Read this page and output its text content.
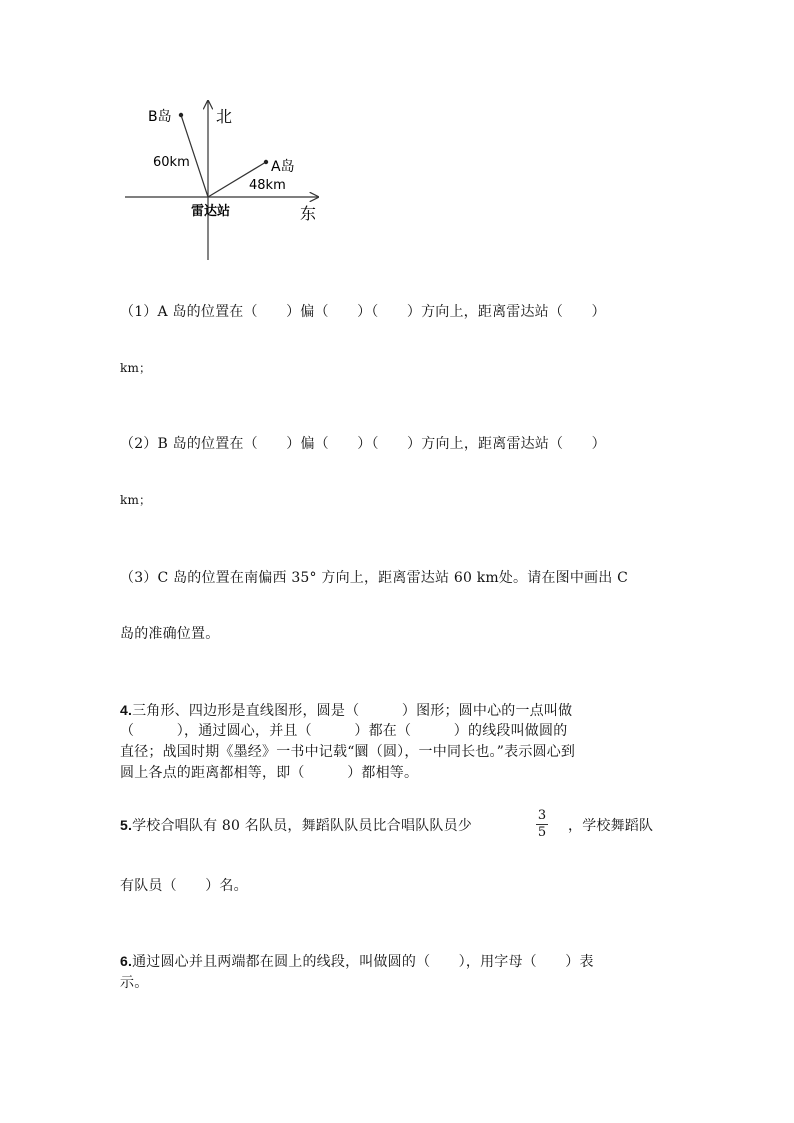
北
东
雷达站
B岛
A岛
60km
48km
（1）A 岛的位置在（　　）偏（　　）（　　）方向上，距离雷达站（　　）
km；
（2）B 岛的位置在（　　）偏（　　）（　　）方向上，距离雷达站（　　）
km；
（3）C 岛的位置在南偏西 35° 方向上，距离雷达站 60 km处。请在图中画出 C
岛的准确位置。
4.三角形、四边形是直线图形，圆是（　　　）图形；圆中心的一点叫做
（　　　），通过圆心，并且（　　　）都在（　　　）的线段叫做圆的
直径；战国时期《墨经》一书中记载“圜（圆），一中同长也。”表示圆心到
圆上各点的距离都相等，即（　　　）都相等。
5.学校合唱队有 80 名队员，舞蹈队队员比合唱队队员少
3
5 ，学校舞蹈队
有队员（　　）名。
6.通过圆心并且两端都在圆上的线段，叫做圆的（　　），用字母（　　）表
示。
